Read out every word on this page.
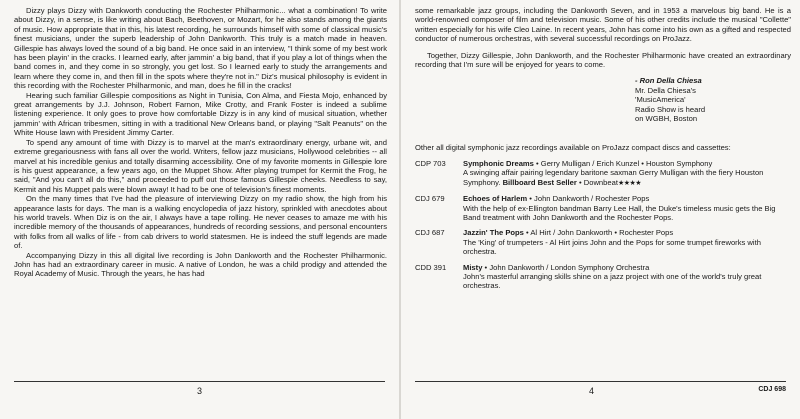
Dizzy plays Dizzy with Dankworth conducting the Rochester Philharmonic... what a combination! To write about Dizzy, in a sense, is like writing about Bach, Beethoven, or Mozart, for he also stands among the giants of music. How appropriate that in this, his latest recording, he surrounds himself with some of classical music's finest musicians, under the superb leadership of John Dankworth. This truly is a match made in heaven. Gillespie has always loved the sound of a big band. He once said in an interview, "I think some of my best work has been playin' in the cracks. I learned early, after jammin' a big band, that if you play a lot of things when the band comes in, and they come in so strongly, you get lost. So I learned early to study the arrangements and learn where they come in, and then fill in the spots where they're not in." Diz's musical philosophy is evident in this recording with the Rochester Philharmonic, and man, does he fill in the cracks!

Hearing such familiar Gillespie compositions as Night in Tunisia, Con Alma, and Fiesta Mojo, enhanced by great arrangements by J.J. Johnson, Robert Farnon, Mike Crotty, and Frank Foster is indeed a sublime listening experience. It only goes to prove how comfortable Dizzy is in any kind of musical situation, whether jammin' with African tribesmen, sitting in with a traditional New Orleans band, or playing "Salt Peanuts" on the White House lawn with President Jimmy Carter.

To spend any amount of time with Dizzy is to marvel at the man's extraordinary energy, urbane wit, and extreme gregariousness with fans all over the world. Writers, fellow jazz musicians, Hollywood celebrities -- all marvel at his incredible genius and totally disarming accessibility. One of my favorite moments in Gillespie lore is his guest appearance, a few years ago, on the Muppet Show. After playing trumpet for Kermit the Frog, he said, "And you can't all do this," and proceeded to puff out those famous Gillespie cheeks. Needless to say, Kermit and his Muppet pals were blown away! It had to be one of television's finest moments.

On the many times that I've had the pleasure of interviewing Dizzy on my radio show, the high from his appearance lasts for days. The man is a walking encyclopedia of jazz history, sprinkled with anecdotes about his world travels. When Diz is on the air, I always have a tape rolling. He never ceases to amaze me with his incredible memory of the thousands of appearances, hundreds of recording sessions, and personal encounters with folks from all walks of life - from cab drivers to world statesmen. He is indeed the stuff legends are made of.

Accompanying Dizzy in this all digital live recording is John Dankworth and the Rochester Philharmonic. John has had an extraordinary career in music. A native of London, he was a child prodigy and attended the Royal Academy of Music. Through the years, he has had

3

some remarkable jazz groups, including the Dankworth Seven, and in 1953 a marvelous big band. He is a world-renowned composer of film and television music. Some of his other credits include the musical "Collette" written especially for his wife Cleo Laine. In recent years, John has come into his own as a gifted and respected conductor of numerous orchestras, with several successful recordings on ProJazz.

Together, Dizzy Gillespie, John Dankworth, and the Rochester Philharmonic have created an extraordinary recording that I'm sure will be enjoyed for years to come.

- Ron Della Chiesa
Mr. Della Chiesa's
'MusicAmerica'
Radio Show is heard
on WGBH, Boston

Other all digital symphonic jazz recordings available on ProJazz compact discs and cassettes:

CDP 703	Symphonic Dreams • Gerry Mulligan / Erich Kunzel • Houston Symphony
A swinging affair pairing legendary baritone saxman Gerry Mulligan with the fiery Houston Symphony. Billboard Best Seller • Downbeat★★★★
CDJ 679	Echoes of Harlem • John Dankworth / Rochester Pops
With the help of ex-Ellington bandman Barry Lee Hall, the Duke's timeless music gets the Big Band treatment with John Dankworth and the Rochester Pops.
CDJ 687	Jazzin' The Pops • Al Hirt / John Dankworth • Rochester Pops
The 'King' of trumpeters - Al Hirt joins John and the Pops for some trumpet fireworks with orchestra.
CDD 391	Misty • John Dankworth / London Symphony Orchestra
John's masterful arranging skills shine on a jazz project with one of the world's truly great orchestras.
4	CDJ 698
